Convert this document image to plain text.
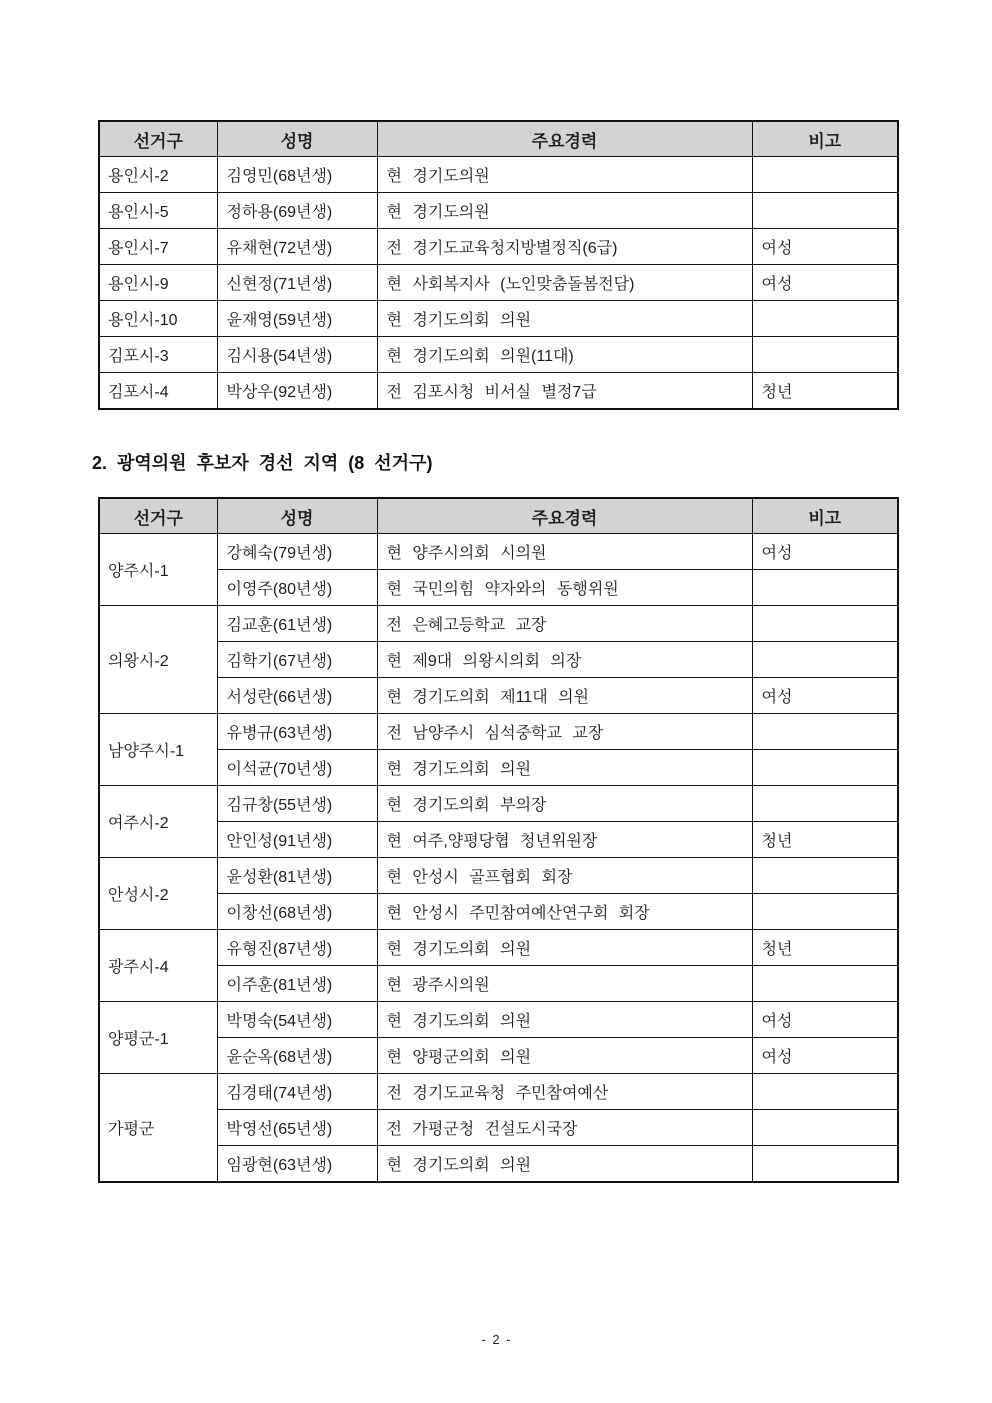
선거구	성명	주요경력	비고
용인시-2	김영민(68년생)	현 경기도의원	
용인시-5	정하용(69년생)	현 경기도의원	
용인시-7	유채현(72년생)	전 경기도교육청지방별정직(6급)	여성
용인시-9	신현정(71년생)	현 사회복지사 (노인맞춤돌봄전담)	여성
용인시-10	윤재영(59년생)	현 경기도의회 의원	
김포시-3	김시용(54년생)	현 경기도의회 의원(11대)	
김포시-4	박상우(92년생)	전 김포시청 비서실 별정7급	청년
2. 광역의원 후보자 경선 지역 (8 선거구)
선거구	성명	주요경력	비고
양주시-1	강혜숙(79년생)	현 양주시의회 시의원	여성
	이영주(80년생)	현 국민의힘 약자와의 동행위원	
의왕시-2	김교훈(61년생)	전 은혜고등학교 교장	
	김학기(67년생)	현 제9대 의왕시의회 의장	
	서성란(66년생)	현 경기도의회 제11대 의원	여성
남양주시-1	유병규(63년생)	전 남양주시 심석중학교 교장	
	이석균(70년생)	현 경기도의회 의원	
여주시-2	김규창(55년생)	현 경기도의회 부의장	
	안인성(91년생)	현 여주,양평당협 청년위원장	청년
안성시-2	윤성환(81년생)	현 안성시 골프협회 회장	
	이창선(68년생)	현 안성시 주민참여예산연구회 회장	
광주시-4	유형진(87년생)	현 경기도의회 의원	청년
	이주훈(81년생)	현 광주시의원	
양평군-1	박명숙(54년생)	현 경기도의회 의원	여성
	윤순옥(68년생)	현 양평군의회 의원	여성
가평군	김경태(74년생)	전 경기도교육청 주민참여예산	
	박영선(65년생)	전 가평군청 건설도시국장	
	임광현(63년생)	현 경기도의회 의원	
- 2 -
